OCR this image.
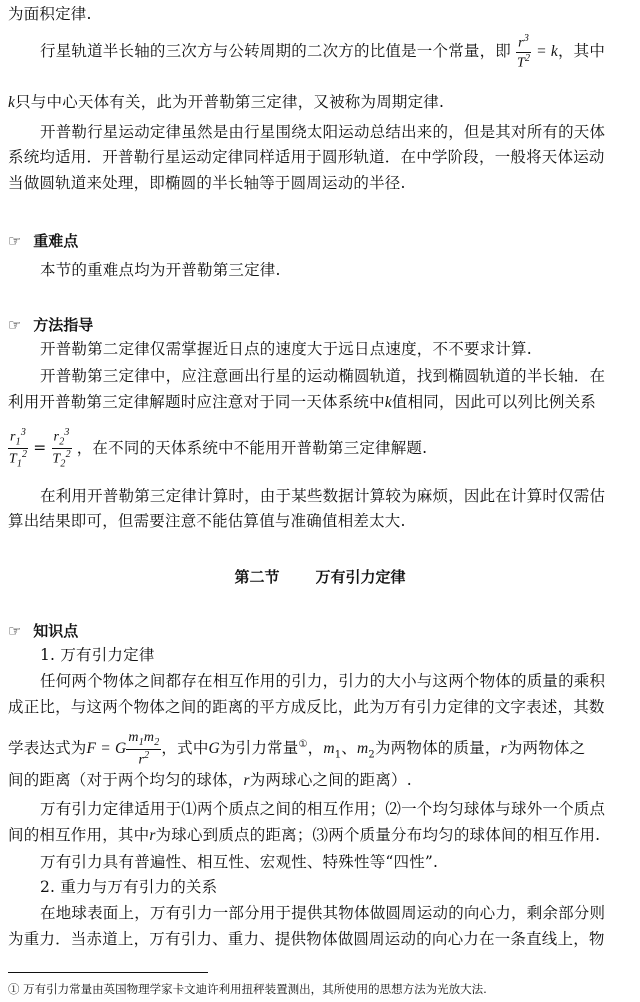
为面积定律.
行星轨道半长轴的三次方与公转周期的二次方的比值是一个常量，即 $\frac{r^3}{T^2} = k$，其中
k只与中心天体有关，此为开普勒第三定律，又被称为周期定律.
开普勒行星运动定律虽然是由行星围绕太阳运动总结出来的，但是其对所有的天体
系统均适用．开普勒行星运动定律同样适用于圆形轨道．在中学阶段，一般将天体运动
当做圆轨道来处理，即椭圆的半长轴等于圆周运动的半径.
☞ 重难点
本节的重难点均为开普勒第三定律.
☞ 方法指导
开普勒第二定律仅需掌握近日点的速度大于远日点速度，不不要求计算.
开普勒第三定律中，应注意画出行星的运动椭圆轨道，找到椭圆轨道的半长轴．在
利用开普勒第三定律解题时应注意对于同一天体系统中k值相同，因此可以列比例关系
$\frac{r_1^3}{T_1^2} = \frac{r_2^3}{T_2^2}$ ，在不同的天体系统中不能用开普勒第三定律解题.
在利用开普勒第三定律计算时，由于某些数据计算较为麻烦，因此在计算时仅需估
算出结果即可，但需要注意不能估算值与准确值相差太大.
第二节 万有引力定律
☞ 知识点
1. 万有引力定律
任何两个物体之间都存在相互作用的引力，引力的大小与这两个物体的质量的乘积
成正比，与这两个物体之间的距离的平方成反比，此为万有引力定律的文字表述，其数
学表达式为F = G $\frac{m_1m_2}{r^2}$ ，式中G为引力常量①，$m_1$、$m_2$为两物体的质量，r为两物体之
间的距离（对于两个均匀的球体，r为两球心之间的距离）.
万有引力定律适用于⑴两个质点之间的相互作用；⑵一个均匀球体与球外一个质点
间的相互作用，其中r为球心到质点的距离；⑶两个质量分布均匀的球体间的相互作用.
万有引力具有普遍性、相互性、宏观性、特殊性等“四性”.
2. 重力与万有引力的关系
在地球表面上，万有引力一部分用于提供其物体做圆周运动的向心力，剩余部分则
为重力．当赤道上，万有引力、重力、提供物体做圆周运动的向心力在一条直线上，物
① 万有引力常量由英国物理学家卡文迪许利用扭秤装置测出，其所使用的思想方法为光放大法.
